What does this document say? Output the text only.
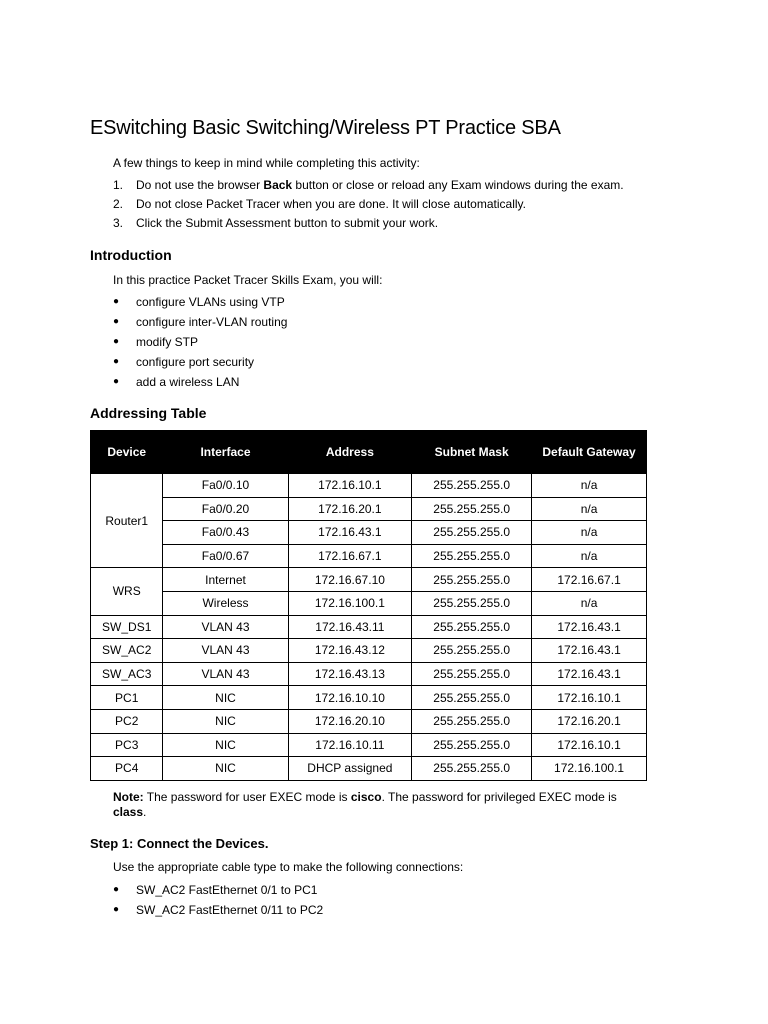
ESwitching Basic Switching/Wireless PT Practice SBA
A few things to keep in mind while completing this activity:
1. Do not use the browser Back button or close or reload any Exam windows during the exam.
2. Do not close Packet Tracer when you are done. It will close automatically.
3. Click the Submit Assessment button to submit your work.
Introduction
In this practice Packet Tracer Skills Exam, you will:
● configure VLANs using VTP
● configure inter-VLAN routing
● modify STP
● configure port security
● add a wireless LAN
Addressing Table
Device	Interface	Address	Subnet Mask	Default Gateway
Router1	Fa0/0.10	172.16.10.1	255.255.255.0	n/a
	Fa0/0.20	172.16.20.1	255.255.255.0	n/a
	Fa0/0.43	172.16.43.1	255.255.255.0	n/a
	Fa0/0.67	172.16.67.1	255.255.255.0	n/a
WRS	Internet	172.16.67.10	255.255.255.0	172.16.67.1
	Wireless	172.16.100.1	255.255.255.0	n/a
SW_DS1	VLAN 43	172.16.43.11	255.255.255.0	172.16.43.1
SW_AC2	VLAN 43	172.16.43.12	255.255.255.0	172.16.43.1
SW_AC3	VLAN 43	172.16.43.13	255.255.255.0	172.16.43.1
PC1	NIC	172.16.10.10	255.255.255.0	172.16.10.1
PC2	NIC	172.16.20.10	255.255.255.0	172.16.20.1
PC3	NIC	172.16.10.11	255.255.255.0	172.16.10.1
PC4	NIC	DHCP assigned	255.255.255.0	172.16.100.1
Note: The password for user EXEC mode is cisco. The password for privileged EXEC mode is class.
Step 1: Connect the Devices.
Use the appropriate cable type to make the following connections:
● SW_AC2 FastEthernet 0/1 to PC1
● SW_AC2 FastEthernet 0/11 to PC2
